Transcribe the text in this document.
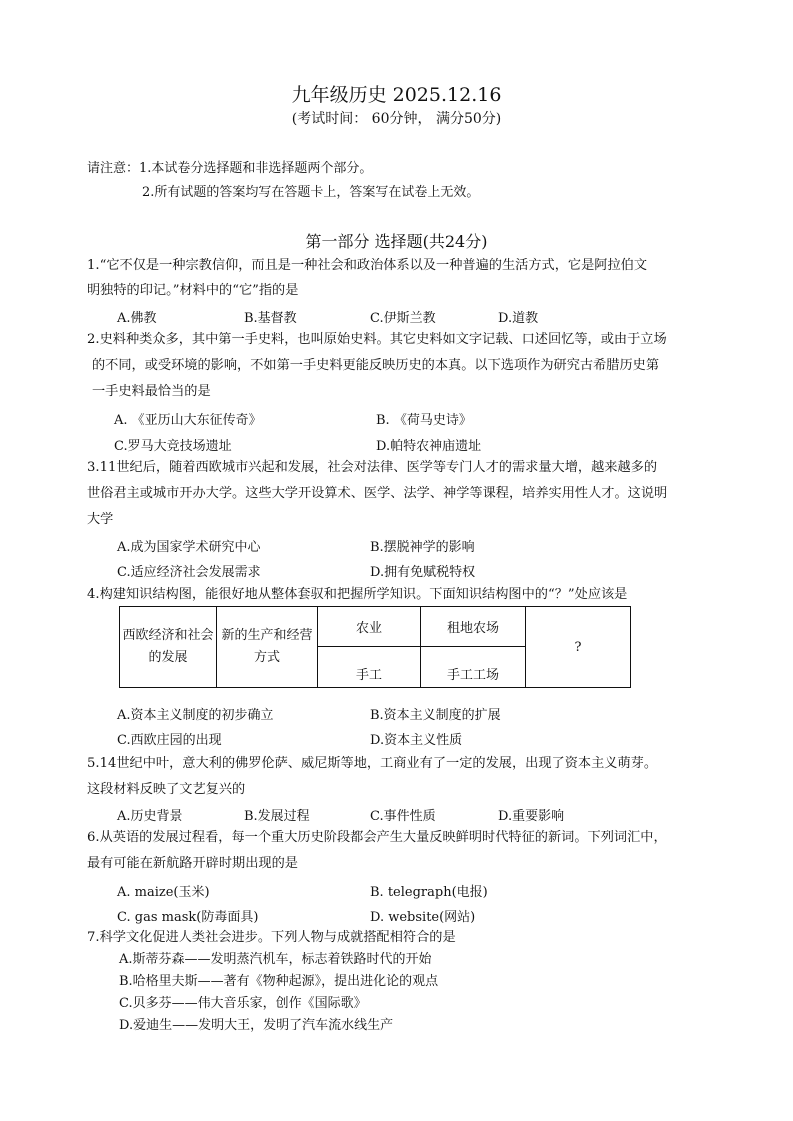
九年级历史 2025.12.16
(考试时间： 60分钟， 满分50分)
请注意：1.本试卷分选择题和非选择题两个部分。
2.所有试题的答案均写在答题卡上，答案写在试卷上无效。
第一部分 选择题(共24分)
1.“它不仅是一种宗教信仰，而且是一种社会和政治体系以及一种普遍的生活方式，它是阿拉伯文
明独特的印记。”材料中的“它”指的是
A.佛教	B.基督教	C.伊斯兰教	D.道教
2.史料种类众多，其中第一手史料，也叫原始史料。其它史料如文字记载、口述回忆等，或由于立场
的不同，或受环境的影响，不如第一手史料更能反映历史的本真。以下选项作为研究古希腊历史第
一手史料最恰当的是
A. 《亚历山大东征传奇》	B. 《荷马史诗》
C.罗马大竞技场遗址	D.帕特农神庙遗址
3.11世纪后，随着西欧城市兴起和发展，社会对法律、医学等专门人才的需求量大增，越来越多的
世俗君主或城市开办大学。这些大学开设算术、医学、法学、神学等课程，培养实用性人才。这说明
大学
A.成为国家学术研究中心	B.摆脱神学的影响
C.适应经济社会发展需求	D.拥有免赋税特权
4.构建知识结构图，能很好地从整体套驭和把握所学知识。下面知识结构图中的“？”处应该是
西欧经济和社会的发展	新的生产和经营方式	农业	租地农场	?
		手工	手工工场	
A.资本主义制度的初步确立	B.资本主义制度的扩展
C.西欧庄园的出现	D.资本主义性质
5.14世纪中叶，意大利的佛罗伦萨、威尼斯等地，工商业有了一定的发展，出现了资本主义萌芽。
这段材料反映了文艺复兴的
A.历史背景	B.发展过程	C.事件性质	D.重要影响
6.从英语的发展过程看，每一个重大历史阶段都会产生大量反映鲜明时代特征的新词。下列词汇中，
最有可能在新航路开辟时期出现的是
A. maize(玉米)	B. telegraph(电报)
C. gas mask(防毒面具)	D. website(网站)
7.科学文化促进人类社会进步。下列人物与成就搭配相符合的是
A.斯蒂芬森——发明蒸汽机车，标志着铁路时代的开始
B.哈格里夫斯——著有《物种起源》，提出进化论的观点
C.贝多芬——伟大音乐家，创作《国际歌》
D.爱迪生——发明大王，发明了汽车流水线生产
